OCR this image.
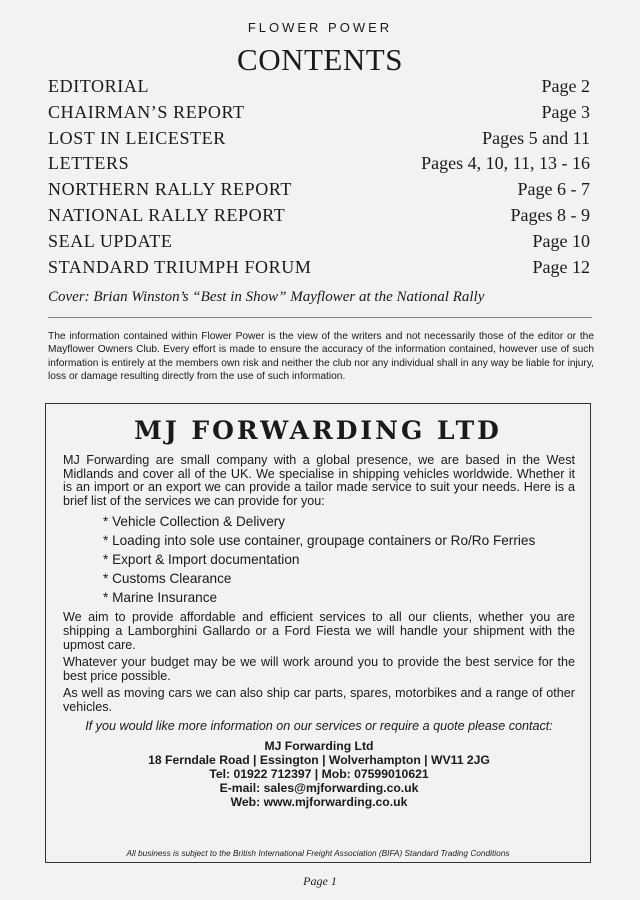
FLOWER POWER
CONTENTS
EDITORIAL	Page 2
CHAIRMAN’S REPORT	Page 3
LOST IN LEICESTER	Pages 5 and 11
LETTERS	Pages 4, 10, 11, 13 - 16
NORTHERN RALLY REPORT	Page 6 - 7
NATIONAL RALLY REPORT	Pages 8 - 9
SEAL UPDATE	Page 10
STANDARD TRIUMPH FORUM	Page 12
Cover: Brian Winston’s “Best in Show” Mayflower at the National Rally
The information contained within Flower Power is the view of the writers and not necessarily those of the editor or the Mayflower Owners Club. Every effort is made to ensure the accuracy of the information contained, however use of such information is entirely at the members own risk and neither the club nor any individual shall in any way be liable for injury, loss or damage resulting directly from the use of such information.
MJ FORWARDING LTD

MJ Forwarding are small company with a global presence, we are based in the West Midlands and cover all of the UK. We specialise in shipping vehicles worldwide. Whether it is an import or an export we can provide a tailor made service to suit your needs. Here is a brief list of the services we can provide for you:

* Vehicle Collection & Delivery
* Loading into sole use container, groupage containers or Ro/Ro Ferries
* Export & Import documentation
* Customs Clearance
* Marine Insurance

We aim to provide affordable and efficient services to all our clients, whether you are shipping a Lamborghini Gallardo or a Ford Fiesta we will handle your shipment with the upmost care.

Whatever your budget may be we will work around you to provide the best service for the best price possible.

As well as moving cars we can also ship car parts, spares, motorbikes and a range of other vehicles.

If you would like more information on our services or require a quote please contact:

MJ Forwarding Ltd
18 Ferndale Road | Essington | Wolverhampton | WV11 2JG
Tel: 01922 712397 | Mob: 07599010621
E-mail: sales@mjforwarding.co.uk
Web: www.mjforwarding.co.uk
All business is subject to the British International Freight Association (BIFA) Standard Trading Conditions
Page 1
